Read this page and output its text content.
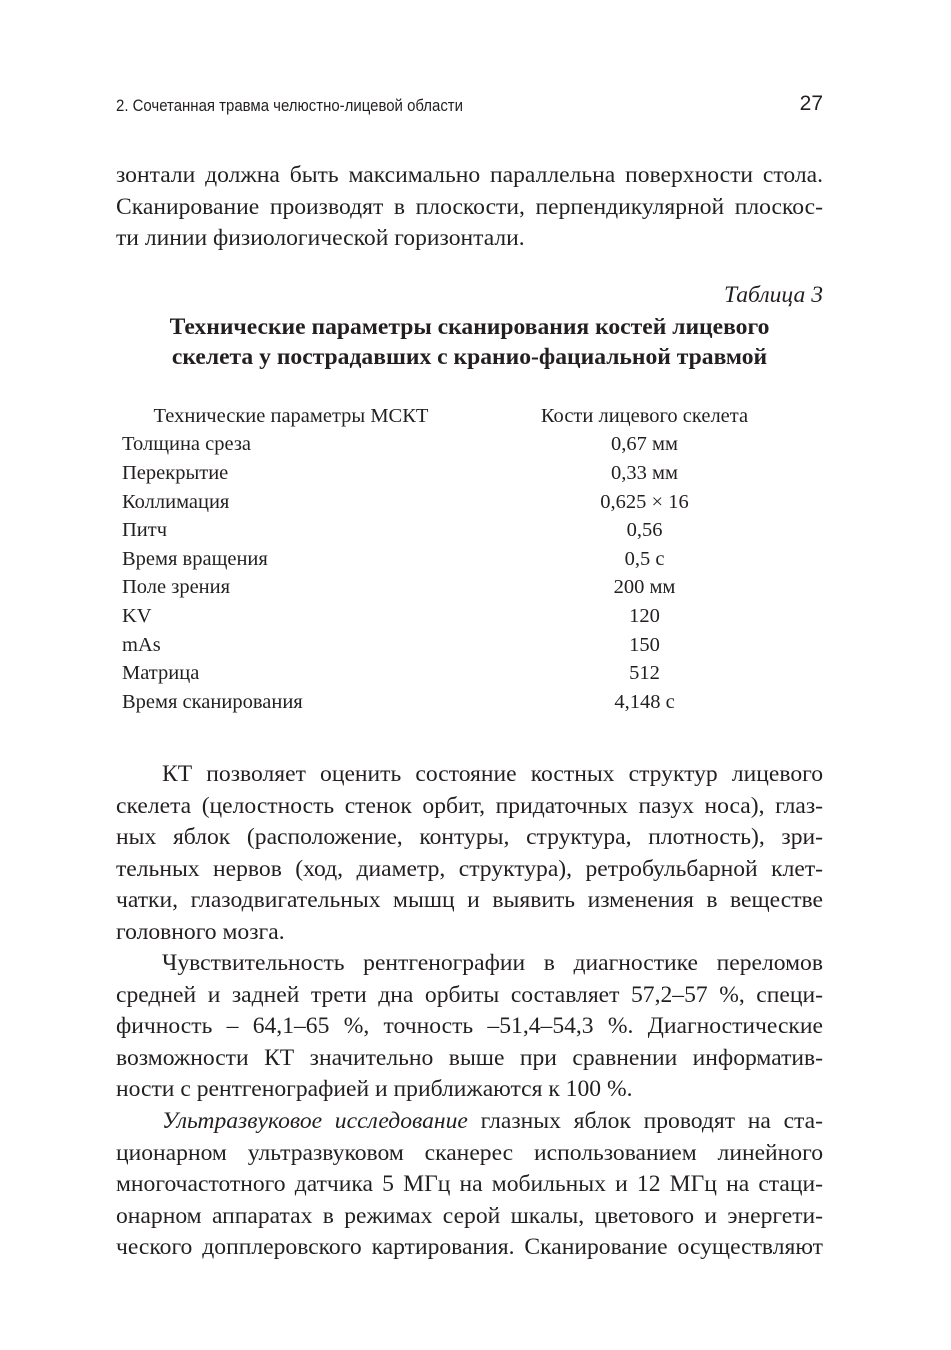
2. Сочетанная травма челюстно-лицевой области	27

зонтали должна быть максимально параллельна поверхности стола.
Сканирование производят в плоскости, перпендикулярной плоскос-
ти линии физиологической горизонтали.

Таблица 3
Технические параметры сканирования костей лицевого
скелета у пострадавших с кранио-фациальной травмой
Технические параметры МСКТ	Кости лицевого скелета
Толщина среза	0,67 мм
Перекрытие	0,33 мм
Коллимация	0,625 × 16
Питч	0,56
Время вращения	0,5 с
Поле зрения	200 мм
KV	120
mAs	150
Матрица	512
Время сканирования	4,148 с

КТ позволяет оценить состояние костных структур лицевого
скелета (целостность стенок орбит, придаточных пазух носа), глаз-
ных яблок (расположение, контуры, структура, плотность), зри-
тельных нервов (ход, диаметр, структура), ретробульбарной клет-
чатки, глазодвигательных мышц и выявить изменения в веществе
головного мозга.

Чувствительность рентгенографии в диагностике переломов
средней и задней трети дна орбиты составляет 57,2–57 %, специ-
фичность – 64,1–65 %, точность –51,4–54,3 %. Диагностические
возможности КТ значительно выше при сравнении информатив-
ности с рентгенографией и приближаются к 100 %.

Ультразвуковое исследование глазных яблок проводят на ста-
ционарном ультразвуковом сканерес использованием линейного
многочастотного датчика 5 МГц на мобильных и 12 МГц на стаци-
онарном аппаратах в режимах серой шкалы, цветового и энергети-
ческого допплеровского картирования. Сканирование осуществляют
